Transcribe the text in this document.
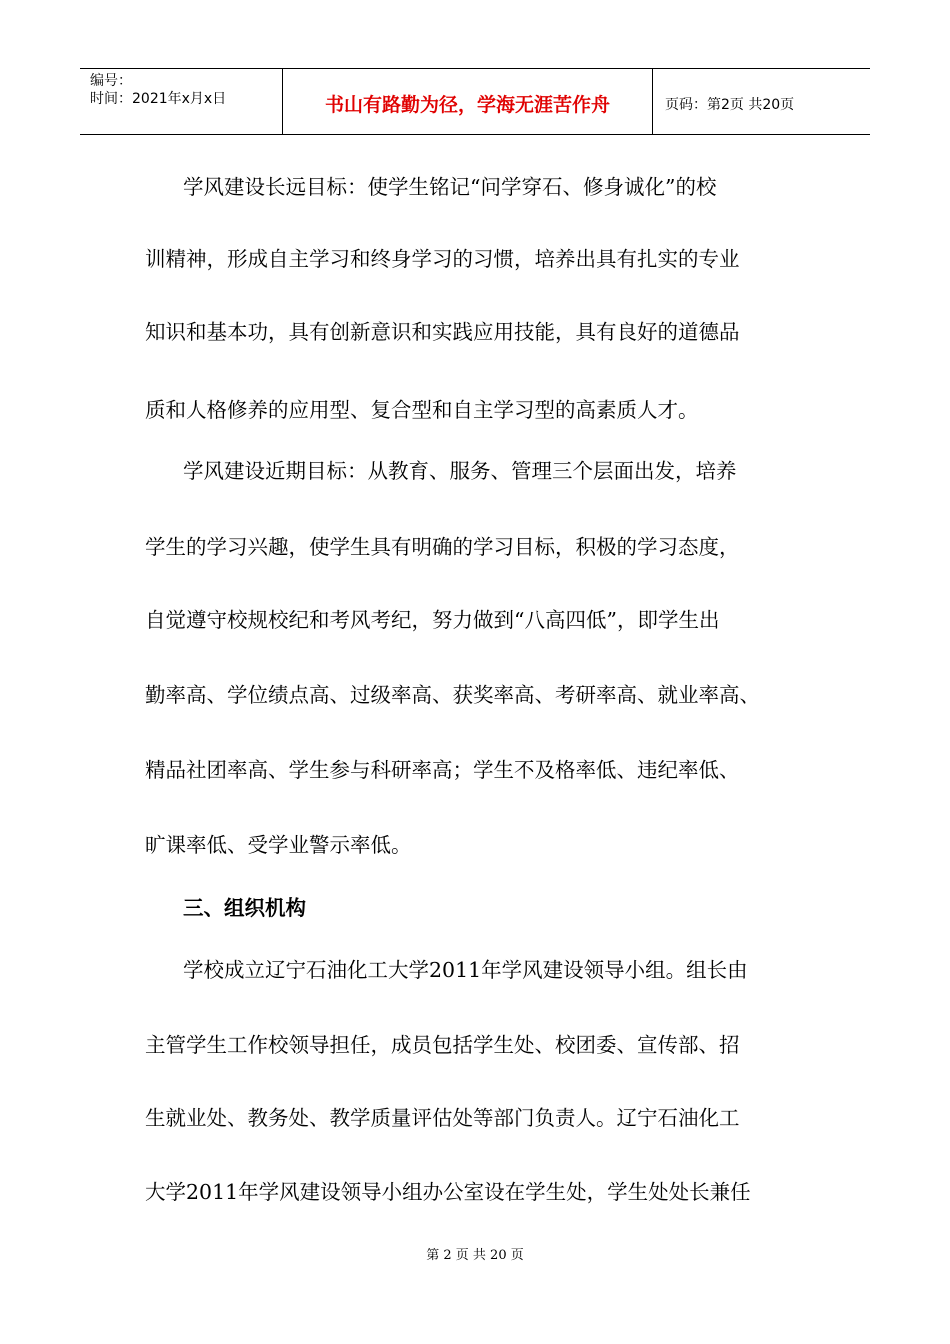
编号：
时间：2021年x月x日	书山有路勤为径，学海无涯苦作舟	页码：第2页 共20页
学风建设长远目标：使学生铭记“问学穿石、修身诚化”的校
训精神，形成自主学习和终身学习的习惯，培养出具有扎实的专业
知识和基本功，具有创新意识和实践应用技能，具有良好的道德品
质和人格修养的应用型、复合型和自主学习型的高素质人才。
学风建设近期目标：从教育、服务、管理三个层面出发，培养
学生的学习兴趣，使学生具有明确的学习目标，积极的学习态度，
自觉遵守校规校纪和考风考纪，努力做到“八高四低”，即学生出
勤率高、学位绩点高、过级率高、获奖率高、考研率高、就业率高、
精品社团率高、学生参与科研率高；学生不及格率低、违纪率低、
旷课率低、受学业警示率低。
三、组织机构
学校成立辽宁石油化工大学2011年学风建设领导小组。组长由
主管学生工作校领导担任，成员包括学生处、校团委、宣传部、招
生就业处、教务处、教学质量评估处等部门负责人。辽宁石油化工
大学2011年学风建设领导小组办公室设在学生处，学生处处长兼任
第 2 页 共 20 页
